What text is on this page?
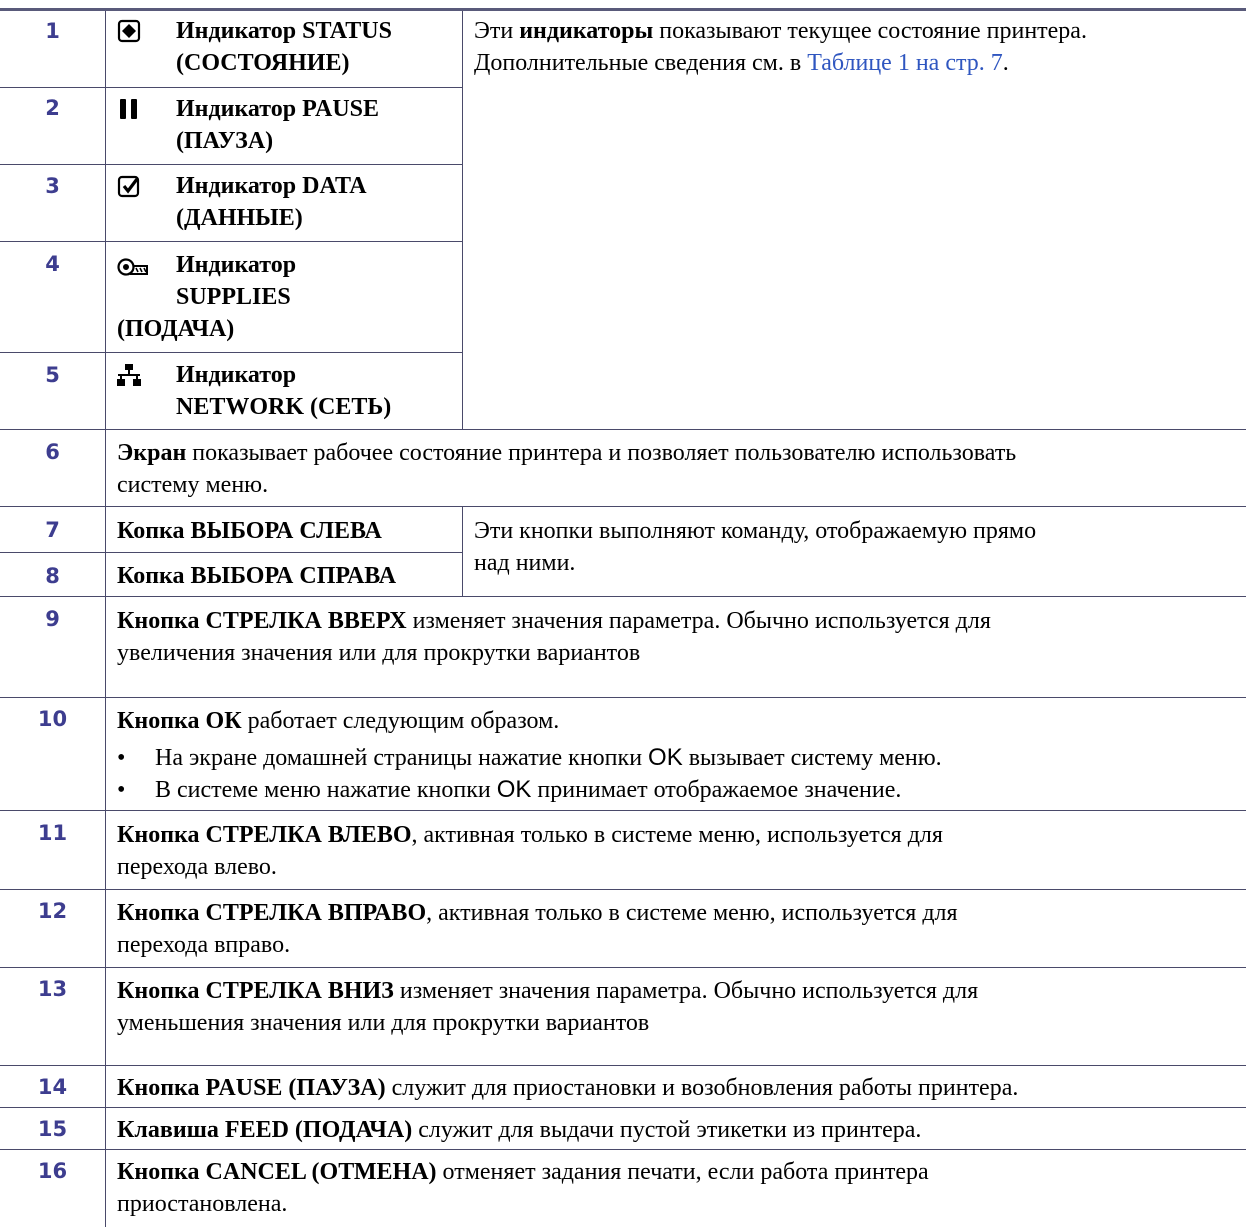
1
2
3
4
5
6
7
8
9
10
11
12
13
14
15
16
Индикатор STATUS
(СОСТОЯНИЕ)
Индикатор PAUSE
(ПАУЗА)
Индикатор DATA
(ДАННЫЕ)
Индикатор
SUPPLIES
(ПОДАЧА)
Индикатор
NETWORK (СЕТЬ)
Эти индикаторы показывают текущее состояние принтера.
Дополнительные сведения см. в Таблице 1 на стр. 7.
Экран показывает рабочее состояние принтера и позволяет пользователю использовать
систему меню.
Копка ВЫБОРА СЛЕВА
Копка ВЫБОРА СПРАВА
Эти кнопки выполняют команду, отображаемую прямо
над ними.
Кнопка СТРЕЛКА ВВЕРХ изменяет значения параметра. Обычно используется для
увеличения значения или для прокрутки вариантов
Кнопка ОК работает следующим образом.
• На экране домашней страницы нажатие кнопки OK вызывает систему меню.
• В системе меню нажатие кнопки OK принимает отображаемое значение.
Кнопка СТРЕЛКА ВЛЕВО, активная только в системе меню, используется для
перехода влево.
Кнопка СТРЕЛКА ВПРАВО, активная только в системе меню, используется для
перехода вправо.
Кнопка СТРЕЛКА ВНИЗ изменяет значения параметра. Обычно используется для
уменьшения значения или для прокрутки вариантов
Кнопка PAUSE (ПАУЗА) служит для приостановки и возобновления работы принтера.
Клавиша FEED (ПОДАЧА) служит для выдачи пустой этикетки из принтера.
Кнопка CANCEL (ОТМЕНА) отменяет задания печати, если работа принтера
приостановлена.
